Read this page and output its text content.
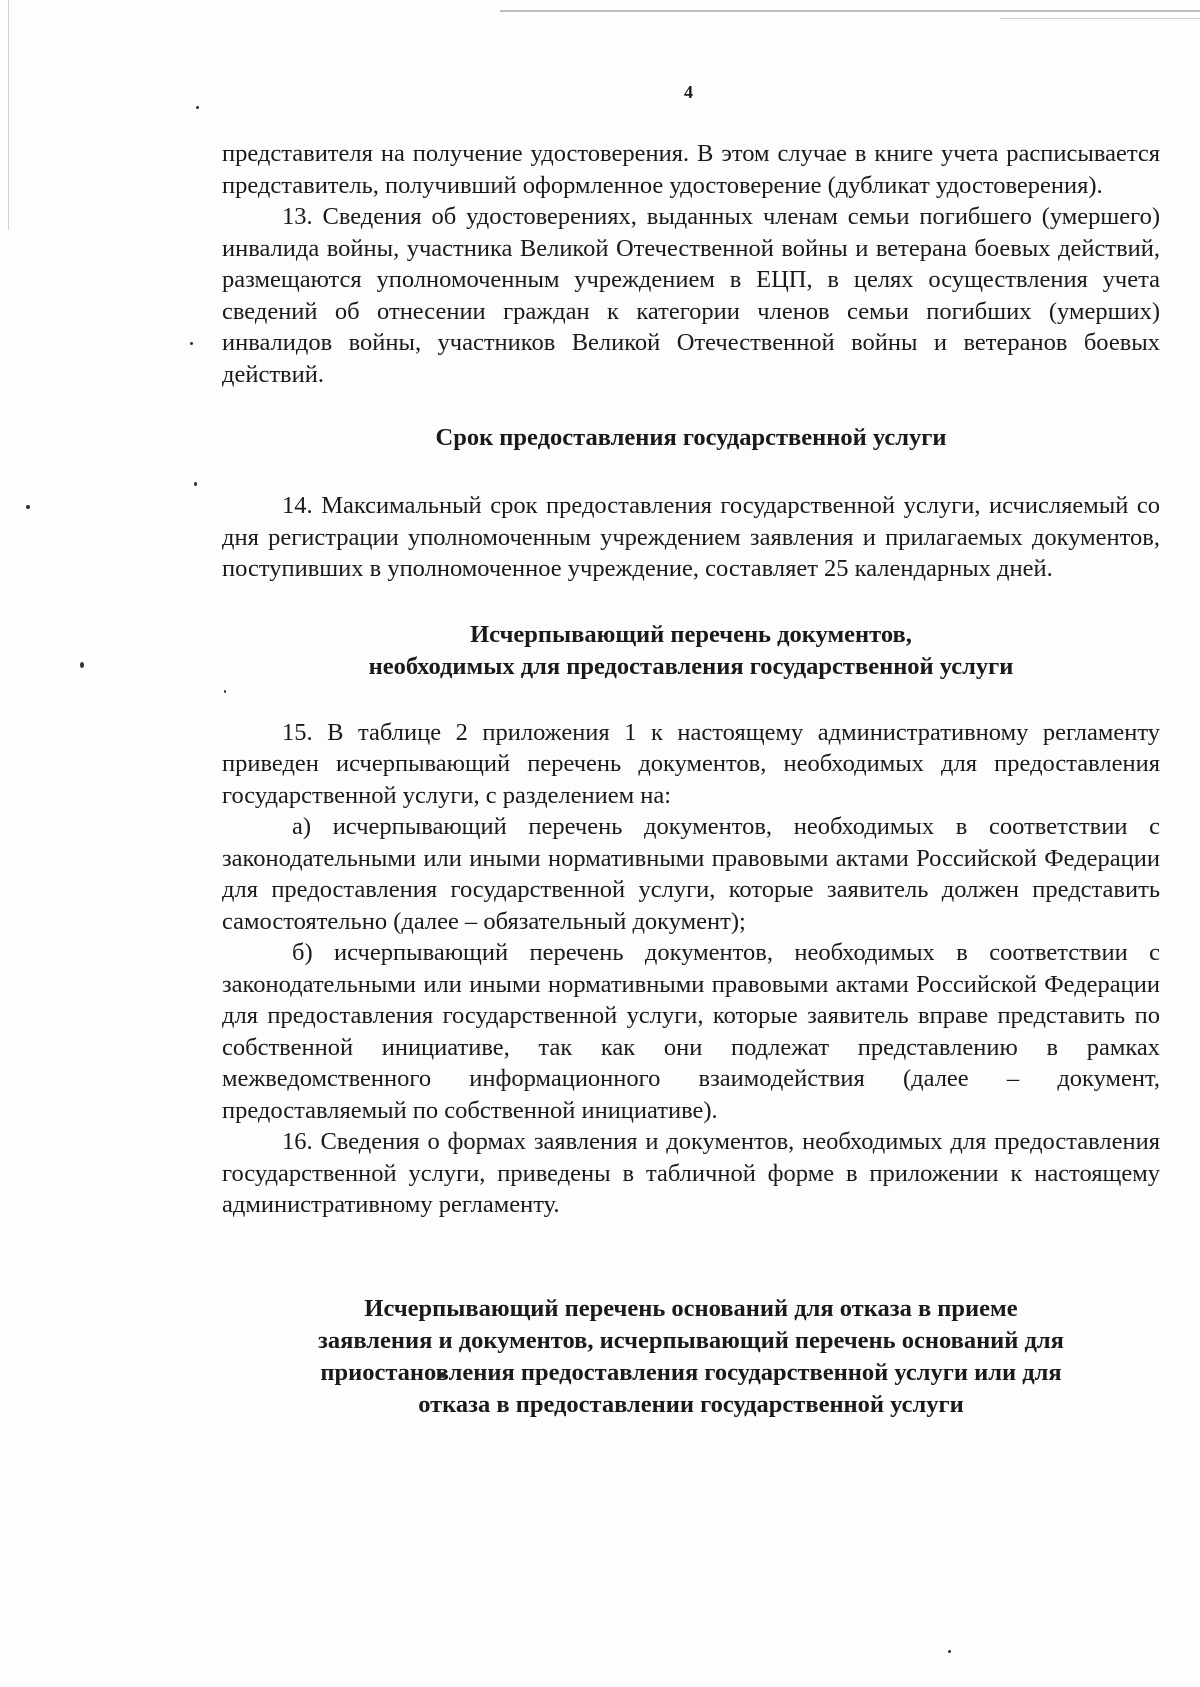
4

представителя на получение удостоверения. В этом случае в книге учета расписывается представитель, получивший оформленное удостоверение (дубликат удостоверения).

13. Сведения об удостоверениях, выданных членам семьи погибшего (умершего) инвалида войны, участника Великой Отечественной войны и ветерана боевых действий, размещаются уполномоченным учреждением в ЕЦП, в целях осуществления учета сведений об отнесении граждан к категории членов семьи погибших (умерших) инвалидов войны, участников Великой Отечественной войны и ветеранов боевых действий.

Срок предоставления государственной услуги

14. Максимальный срок предоставления государственной услуги, исчисляемый со дня регистрации уполномоченным учреждением заявления и прилагаемых документов, поступивших в уполномоченное учреждение, составляет 25 календарных дней.

Исчерпывающий перечень документов,
необходимых для предоставления государственной услуги

15. В таблице 2 приложения 1 к настоящему административному регламенту приведен исчерпывающий перечень документов, необходимых для предоставления государственной услуги, с разделением на:

а) исчерпывающий перечень документов, необходимых в соответствии с законодательными или иными нормативными правовыми актами Российской Федерации для предоставления государственной услуги, которые заявитель должен представить самостоятельно (далее – обязательный документ);

б) исчерпывающий перечень документов, необходимых в соответствии с законодательными или иными нормативными правовыми актами Российской Федерации для предоставления государственной услуги, которые заявитель вправе представить по собственной инициативе, так как они подлежат представлению в рамках межведомственного информационного взаимодействия (далее – документ, предоставляемый по собственной инициативе).

16. Сведения о формах заявления и документов, необходимых для предоставления государственной услуги, приведены в табличной форме в приложении к настоящему административному регламенту.

Исчерпывающий перечень оснований для отказа в приеме
заявления и документов, исчерпывающий перечень оснований для
приостановления предоставления государственной услуги или для
отказа в предоставлении государственной услуги
